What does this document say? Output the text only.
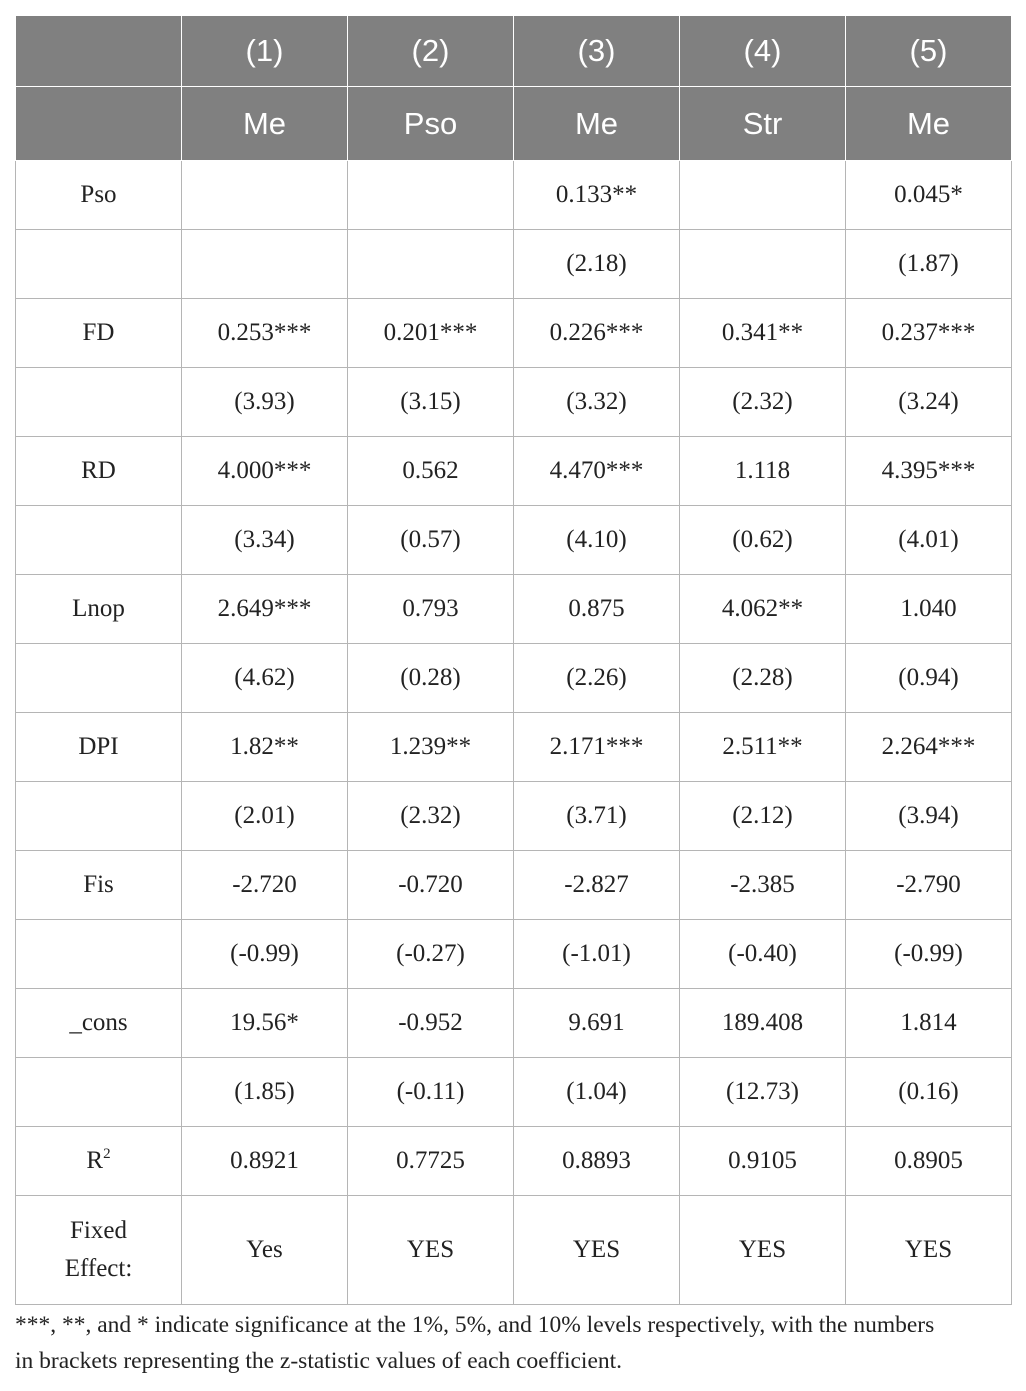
	(1)	(2)	(3)	(4)	(5)
	Me	Pso	Me	Str	Me
Pso			0.133**		0.045*
			(2.18)		(1.87)
FD	0.253***	0.201***	0.226***	0.341**	0.237***
	(3.93)	(3.15)	(3.32)	(2.32)	(3.24)
RD	4.000***	0.562	4.470***	1.118	4.395***
	(3.34)	(0.57)	(4.10)	(0.62)	(4.01)
Lnop	2.649***	0.793	0.875	4.062**	1.040
	(4.62)	(0.28)	(2.26)	(2.28)	(0.94)
DPI	1.82**	1.239**	2.171***	2.511**	2.264***
	(2.01)	(2.32)	(3.71)	(2.12)	(3.94)
Fis	-2.720	-0.720	-2.827	-2.385	-2.790
	(-0.99)	(-0.27)	(-1.01)	(-0.40)	(-0.99)
_cons	19.56*	-0.952	9.691	189.408	1.814
	(1.85)	(-0.11)	(1.04)	(12.73)	(0.16)
$R^2$	0.8921	0.7725	0.8893	0.9105	0.8905

Fixed
Effect:	Yes	YES	YES	YES	YES
***, **, and * indicate significance at the 1%, 5%, and 10% levels respectively, with the numbers
in brackets representing the z-statistic values of each coefficient.
